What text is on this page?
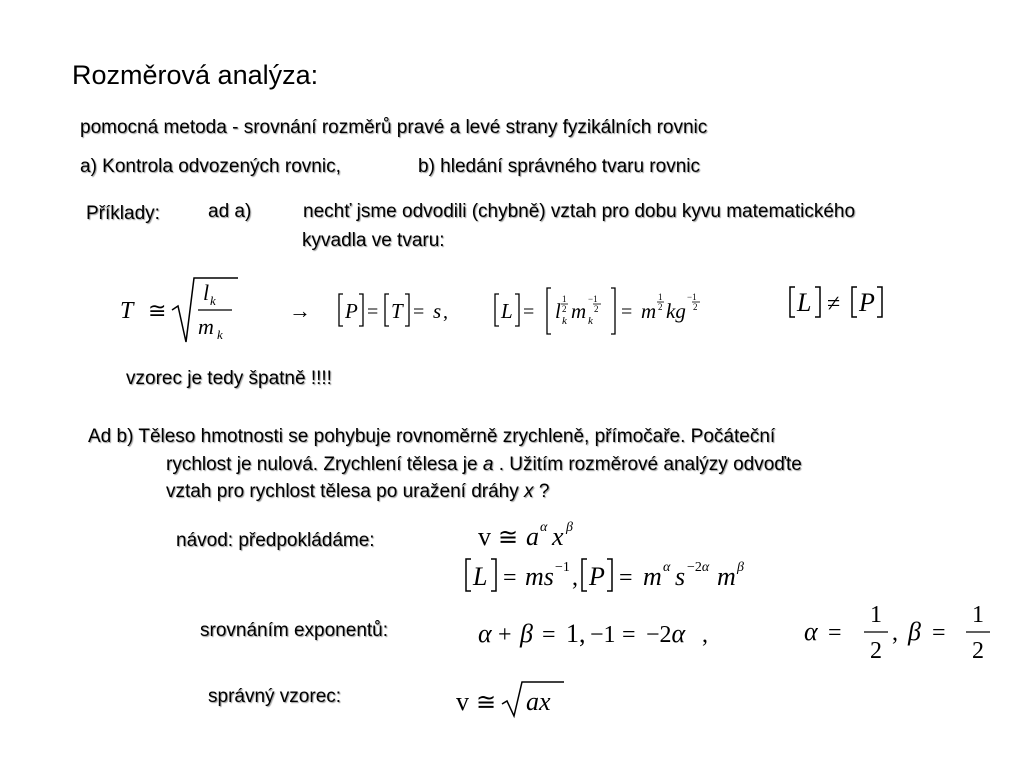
Rozměrová analýza:
pomocná metoda - srovnání rozměrů pravé a levé strany fyzikálních rovnic
a) Kontrola odvozených rovnic,	b) hledání správného tvaru rovnic
Příklady:	ad a)	nechť jsme odvodili (chybně) vztah pro dobu kyvu matematického
kyvadla ve tvaru:
T ≅
l k
m k
→ P = T = s ,	L = l k
1
2 m k
−1
2 = m
1
2 kg
−1
2	L ≠ P
vzorec je tedy špatně !!!!
Ad b) Těleso hmotnosti se pohybuje rovnoměrně zrychleně, přímočaře. Počáteční
rychlost je nulová. Zrychlení tělesa je a . Užitím rozměrové analýzy odvoďte
vztah pro rychlost tělesa po uražení dráhy x ?
návod: předpokládáme:	v ≅ a α x β
L = ms −1 , P = m α s −2α m β
srovnáním exponentů:	α + β = 1, −1 = −2α ,	α =
1
2
, β =
1
2
správný vzorec:	v ≅ ax
